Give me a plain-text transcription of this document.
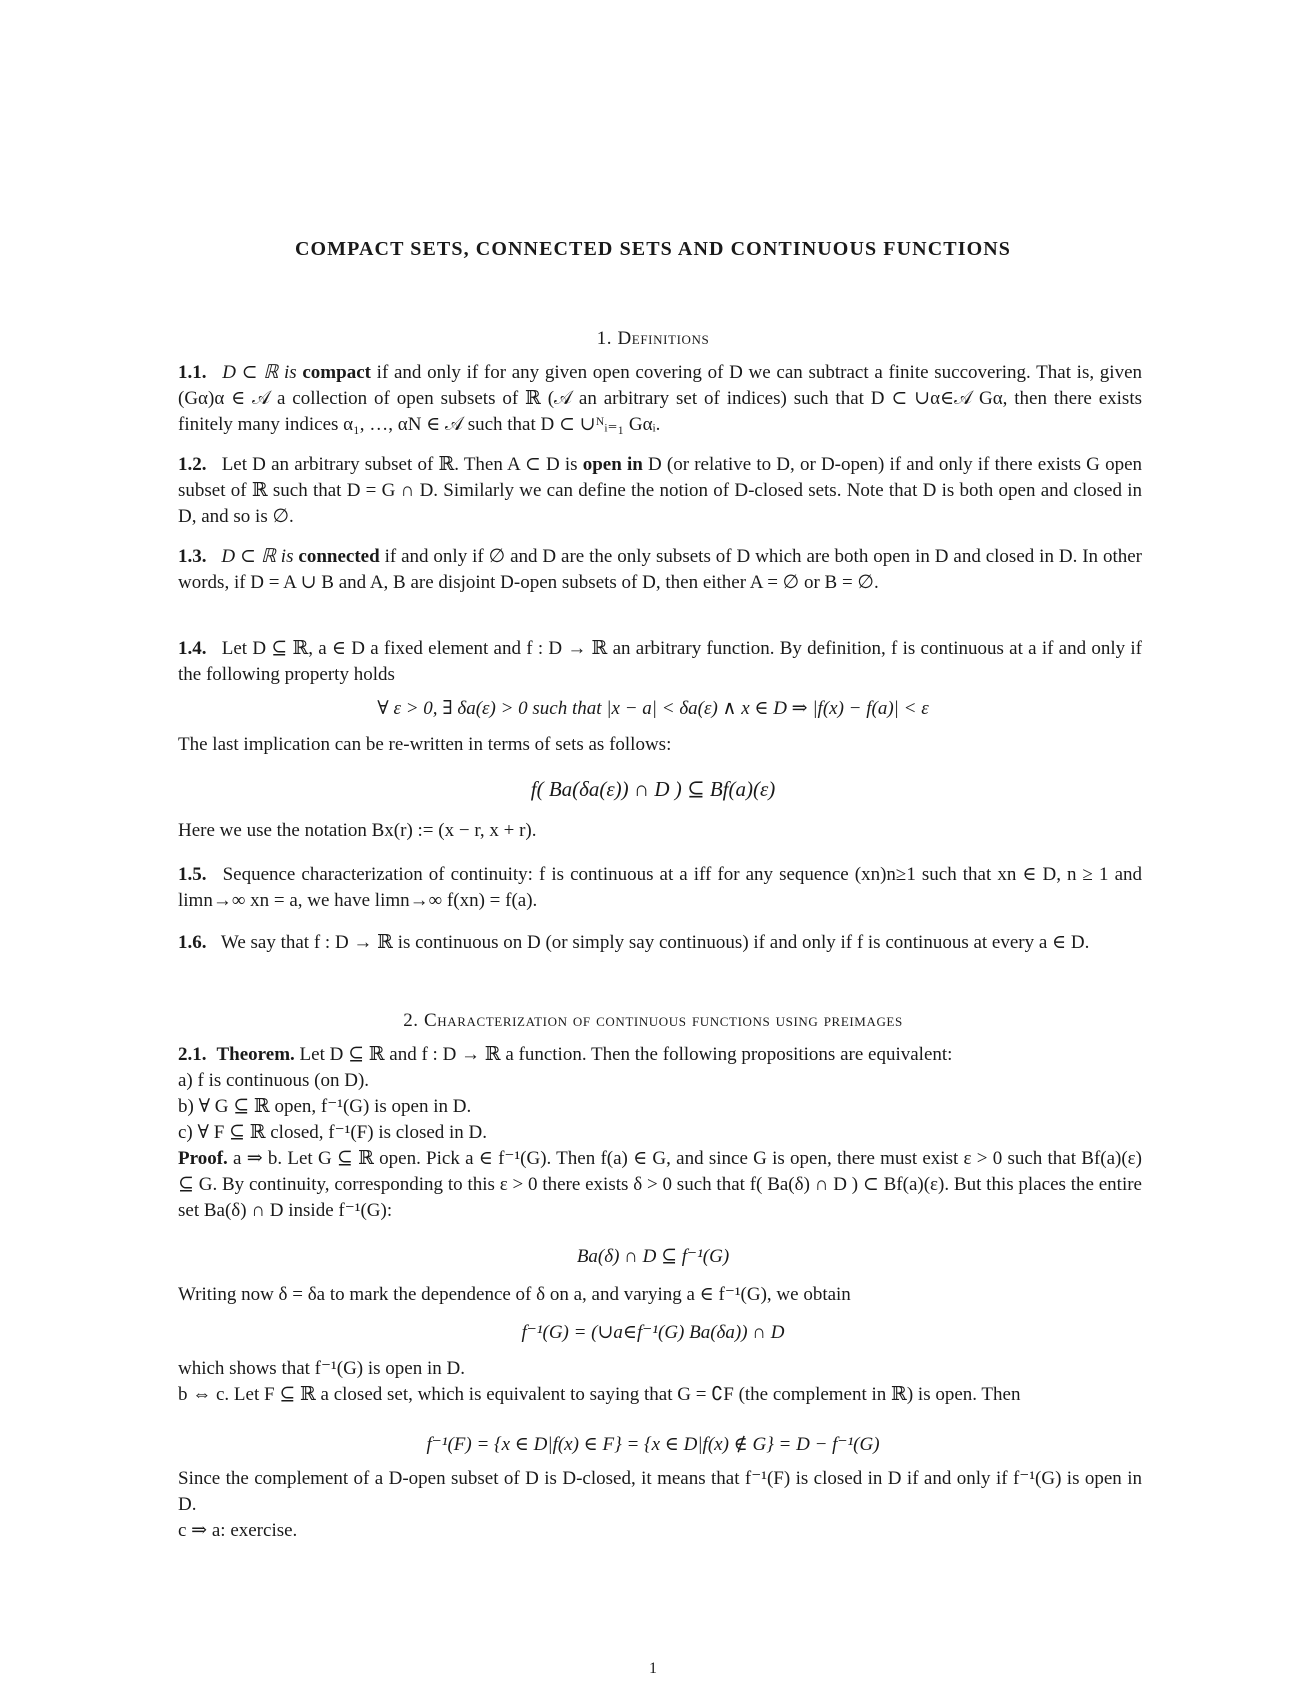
COMPACT SETS, CONNECTED SETS AND CONTINUOUS FUNCTIONS
1. Definitions

1.1. D ⊂ ℝ is compact if and only if for any given open covering of D we can subtract a finite succovering. That is, given (Gα)α ∈ 𝒜 a collection of open subsets of ℝ (𝒜 an arbitrary set of indices) such that D ⊂ ∪α∈𝒜 Gα, then there exists finitely many indices α₁, …, αN ∈ 𝒜 such that D ⊂ ∪ᴺᵢ₌₁ Gαᵢ.

1.2. Let D an arbitrary subset of ℝ. Then A ⊂ D is open in D (or relative to D, or D-open) if and only if there exists G open subset of ℝ such that D = G ∩ D. Similarly we can define the notion of D-closed sets. Note that D is both open and closed in D, and so is ∅.

1.3. D ⊂ ℝ is connected if and only if ∅ and D are the only subsets of D which are both open in D and closed in D. In other words, if D = A ∪ B and A, B are disjoint D-open subsets of D, then either A = ∅ or B = ∅.

1.4. Let D ⊆ ℝ, a ∈ D a fixed element and f : D → ℝ an arbitrary function. By definition, f is continuous at a if and only if the following property holds

∀ ε > 0, ∃ δa(ε) > 0 such that |x − a| < δa(ε) ∧ x ∈ D ⇒ |f(x) − f(a)| < ε

The last implication can be re-written in terms of sets as follows:

f( Ba(δa(ε)) ∩ D ) ⊆ Bf(a)(ε)

Here we use the notation Bx(r) := (x − r, x + r).

1.5. Sequence characterization of continuity: f is continuous at a iff for any sequence (xn)n≥1 such that xn ∈ D, n ≥ 1 and limn→∞ xn = a, we have limn→∞ f(xn) = f(a).

1.6. We say that f : D → ℝ is continuous on D (or simply say continuous) if and only if f is continuous at every a ∈ D.

2. Characterization of continuous functions using preimages

2.1. Theorem. Let D ⊆ ℝ and f : D → ℝ a function. Then the following propositions are equivalent:

a) f is continuous (on D).

b) ∀ G ⊆ ℝ open, f⁻¹(G) is open in D.

c) ∀ F ⊆ ℝ closed, f⁻¹(F) is closed in D.

Proof. a ⇒ b. Let G ⊆ ℝ open. Pick a ∈ f⁻¹(G). Then f(a) ∈ G, and since G is open, there must exist ε > 0 such that Bf(a)(ε) ⊆ G. By continuity, corresponding to this ε > 0 there exists δ > 0 such that f( Ba(δ) ∩ D ) ⊂ Bf(a)(ε). But this places the entire set Ba(δ) ∩ D inside f⁻¹(G):

Ba(δ) ∩ D ⊆ f⁻¹(G)

Writing now δ = δa to mark the dependence of δ on a, and varying a ∈ f⁻¹(G), we obtain

f⁻¹(G) = (∪a∈f⁻¹(G) Ba(δa)) ∩ D

which shows that f⁻¹(G) is open in D.

b ⇔ c. Let F ⊆ ℝ a closed set, which is equivalent to saying that G = ∁F (the complement in ℝ) is open. Then

f⁻¹(F) = {x ∈ D|f(x) ∈ F} = {x ∈ D|f(x) ∉ G} = D − f⁻¹(G)

Since the complement of a D-open subset of D is D-closed, it means that f⁻¹(F) is closed in D if and only if f⁻¹(G) is open in D.

c ⇒ a: exercise.

1
